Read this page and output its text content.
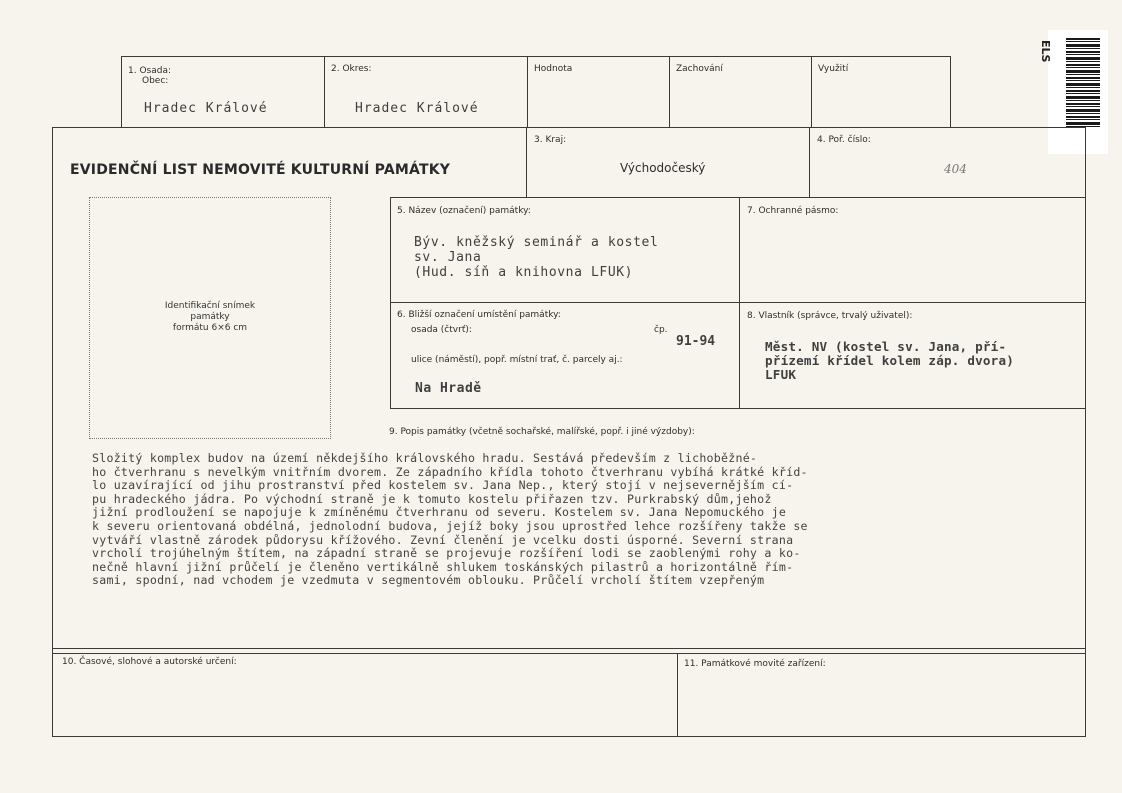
ELS
1. Osada:
Obec:
Hradec Králové
2. Okres:
Hradec Králové
Hodnota	Zachování	Využití
EVIDENČNÍ LIST NEMOVITÉ KULTURNÍ PAMÁTKY
3. Kraj:
Východočeský
4. Poř. číslo:
404
Identifikační snímek
památky
formátu 6×6 cm
5. Název (označení) památky:
Býv. kněžský seminář a kostel
sv. Jana
(Hud. síň a knihovna LFUK)
7. Ochranné pásmo:
6. Bližší označení umístění památky:
osada (čtvrť):	čp.
91-94
ulice (náměstí), popř. místní trať, č. parcely aj.:
Na Hradě
8. Vlastník (správce, trvalý uživatel):
Měst. NV (kostel sv. Jana, pří-
přízemí křídel kolem záp. dvora)
LFUK
9. Popis památky (včetně sochařské, malířské, popř. i jiné výzdoby):
Složitý komplex budov na území někdejšího královského hradu. Sestává především z lichoběžné-
ho čtverhranu s nevelkým vnitřním dvorem. Ze západního křídla tohoto čtverhranu vybíhá krátké kříd-
lo uzavírající od jihu prostranství před kostelem sv. Jana Nep., který stojí v nejsevernějším cí-
pu hradeckého jádra. Po východní straně je k tomuto kostelu přiřazen tzv. Purkrabský dům,jehož
jižní prodloužení se napojuje k zmíněnému čtverhranu od severu. Kostelem sv. Jana Nepomuckého je
k severu orientovaná obdélná, jednolodní budova, jejíž boky jsou uprostřed lehce rozšířeny takže se
vytváří vlastně zárodek půdorysu křížového. Zevní členění je vcelku dosti úsporné. Severní strana
vrcholí trojúhelným štítem, na západní straně se projevuje rozšíření lodi se zaoblenými rohy a ko-
nečně hlavní jižní průčelí je členěno vertikálně shlukem toskánských pilastrů a horizontálně řím-
sami, spodní, nad vchodem je vzedmuta v segmentovém oblouku. Průčelí vrcholí štítem vzepřeným
10. Časové, slohové a autorské určení:	11. Památkové movité zařízení:
